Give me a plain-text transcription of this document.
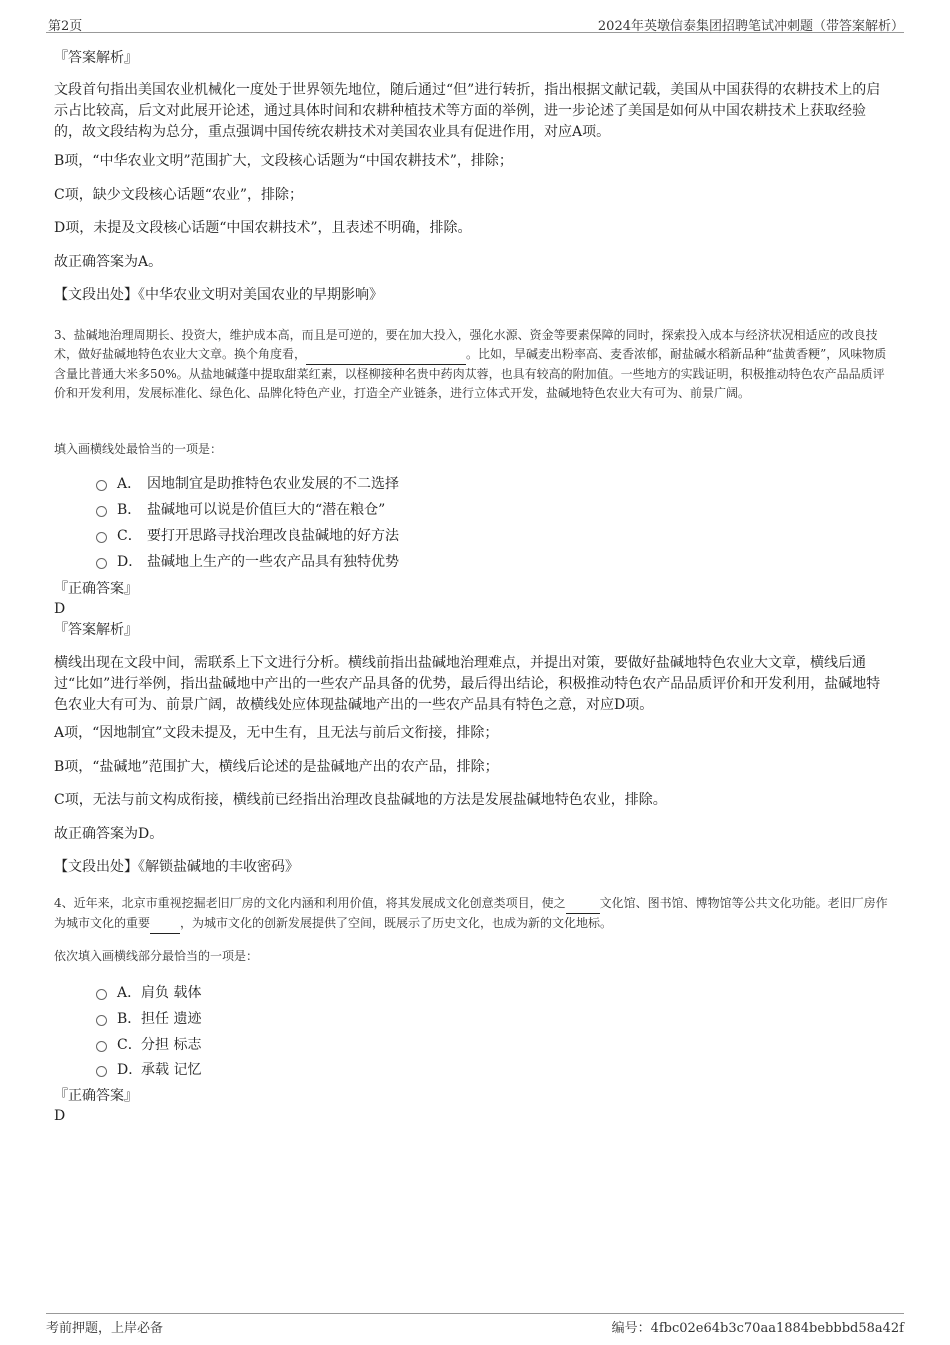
第2页	2024年英墩信泰集团招聘笔试冲刺题（带答案解析）
『答案解析』
文段首句指出美国农业机械化一度处于世界领先地位，随后通过“但”进行转折，指出根据文献记载，美国从中国获得的农耕技术上的启示占比较高，后文对此展开论述，通过具体时间和农耕种植技术等方面的举例，进一步论述了美国是如何从中国农耕技术上获取经验的，故文段结构为总分，重点强调中国传统农耕技术对美国农业具有促进作用，对应A项。
B项，“中华农业文明”范围扩大，文段核心话题为“中国农耕技术”，排除；
C项，缺少文段核心话题“农业”，排除；
D项，未提及文段核心话题“中国农耕技术”，且表述不明确，排除。
故正确答案为A。
【文段出处】《中华农业文明对美国农业的早期影响》
3、盐碱地治理周期长、投资大，维护成本高，而且是可逆的，要在加大投入，强化水源、资金等要素保障的同时，探索投入成本与经济状况相适应的改良技术，做好盐碱地特色农业大文章。换个角度看，	。比如，旱碱麦出粉率高、麦香浓郁，耐盐碱水稻新品种“盐黄香粳”，风味物质含量比普通大米多50%。从盐地碱蓬中提取甜菜红素，以柽柳接种名贵中药肉苁蓉，也具有较高的附加值。一些地方的实践证明，积极推动特色农产品品质评价和开发利用，发展标准化、绿色化、品牌化特色产业，打造全产业链条，进行立体式开发，盐碱地特色农业大有可为、前景广阔。
填入画横线处最恰当的一项是：
A． 因地制宜是助推特色农业发展的不二选择
B． 盐碱地可以说是价值巨大的“潜在粮仓”
C． 要打开思路寻找治理改良盐碱地的好方法
D． 盐碱地上生产的一些农产品具有独特优势
『正确答案』
D
『答案解析』
横线出现在文段中间，需联系上下文进行分析。横线前指出盐碱地治理难点，并提出对策，要做好盐碱地特色农业大文章，横线后通过“比如”进行举例，指出盐碱地中产出的一些农产品具备的优势，最后得出结论，积极推动特色农产品品质评价和开发利用，盐碱地特色农业大有可为、前景广阔，故横线处应体现盐碱地产出的一些农产品具有特色之意，对应D项。
A项，“因地制宜”文段未提及，无中生有，且无法与前后文衔接，排除；
B项，“盐碱地”范围扩大，横线后论述的是盐碱地产出的农产品，排除；
C项，无法与前文构成衔接，横线前已经指出治理改良盐碱地的方法是发展盐碱地特色农业，排除。
故正确答案为D。
【文段出处】《解锁盐碱地的丰收密码》
4、近年来，北京市重视挖掘老旧厂房的文化内涵和利用价值，将其发展成文化创意类项目，使之	文化馆、图书馆、博物馆等公共文化功能。老旧厂房作为城市文化的重要	，为城市文化的创新发展提供了空间，既展示了历史文化，也成为新的文化地标。
依次填入画横线部分最恰当的一项是：
A． 肩负 载体
B． 担任 遗迹
C． 分担 标志
D．
承载 记忆
『正确答案』
D
考前押题，上岸必备	编号：4fbc02e64b3c70aa1884bebbbd58a42f
